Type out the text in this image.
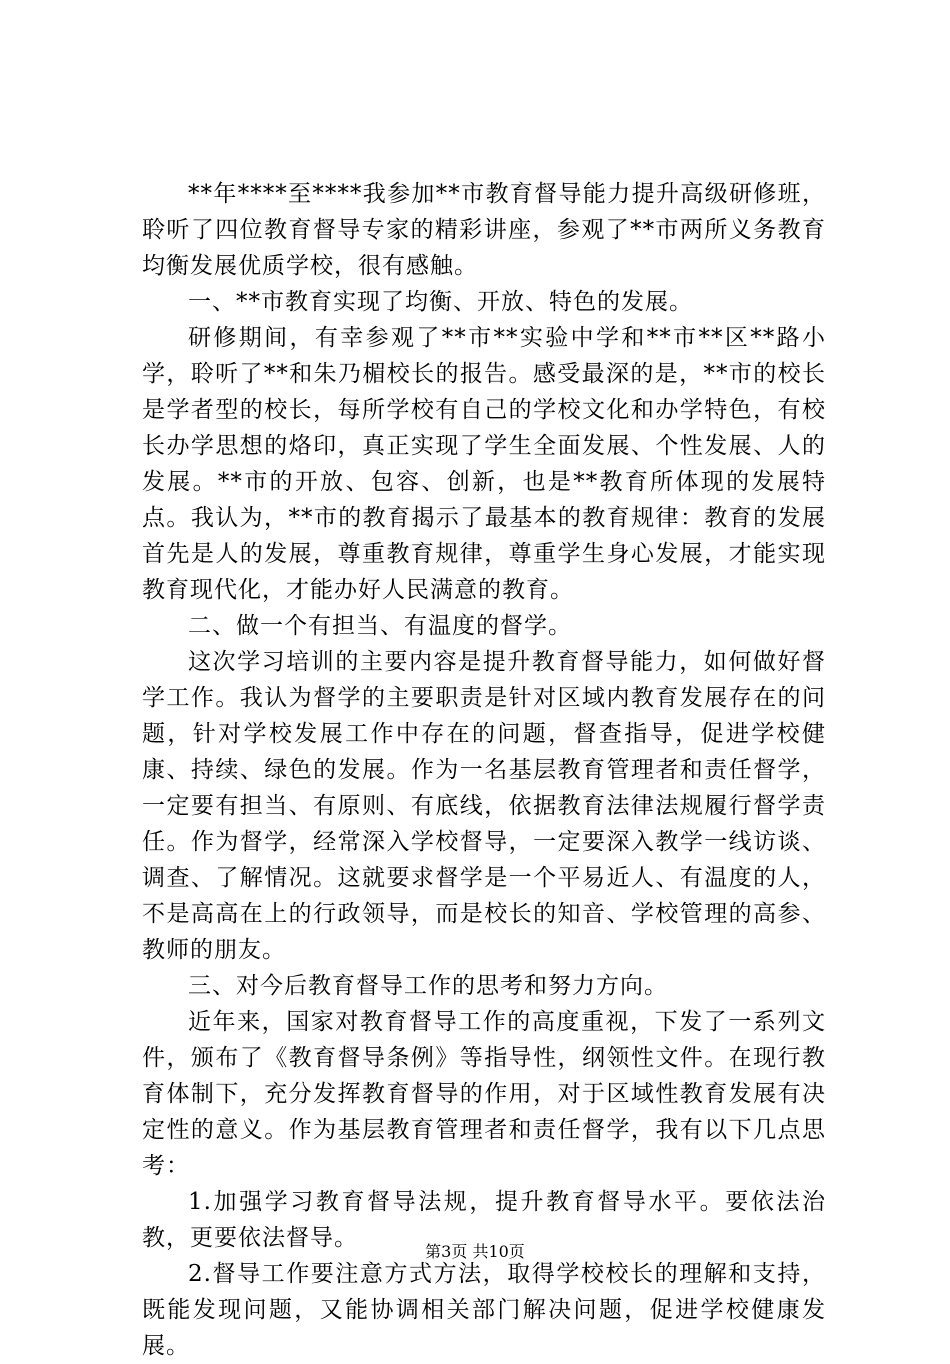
**年****至****我参加**市教育督导能力提升高级研修班，聆听了四位教育督导专家的精彩讲座，参观了**市两所义务教育均衡发展优质学校，很有感触。

一、**市教育实现了均衡、开放、特色的发展。

研修期间，有幸参观了**市**实验中学和**市**区**路小学，聆听了**和朱乃楣校长的报告。感受最深的是，**市的校长是学者型的校长，每所学校有自己的学校文化和办学特色，有校长办学思想的烙印，真正实现了学生全面发展、个性发展、人的发展。**市的开放、包容、创新，也是**教育所体现的发展特点。我认为，**市的教育揭示了最基本的教育规律：教育的发展首先是人的发展，尊重教育规律，尊重学生身心发展，才能实现教育现代化，才能办好人民满意的教育。

二、做一个有担当、有温度的督学。

这次学习培训的主要内容是提升教育督导能力，如何做好督学工作。我认为督学的主要职责是针对区域内教育发展存在的问题，针对学校发展工作中存在的问题，督查指导，促进学校健康、持续、绿色的发展。作为一名基层教育管理者和责任督学，一定要有担当、有原则、有底线，依据教育法律法规履行督学责任。作为督学，经常深入学校督导，一定要深入教学一线访谈、调查、了解情况。这就要求督学是一个平易近人、有温度的人，不是高高在上的行政领导，而是校长的知音、学校管理的高参、教师的朋友。

三、对今后教育督导工作的思考和努力方向。

近年来，国家对教育督导工作的高度重视，下发了一系列文件，颁布了《教育督导条例》等指导性，纲领性文件。在现行教育体制下，充分发挥教育督导的作用，对于区域性教育发展有决定性的意义。作为基层教育管理者和责任督学，我有以下几点思考：

1.加强学习教育督导法规，提升教育督导水平。要依法治教，更要依法督导。

2.督导工作要注意方式方法，取得学校校长的理解和支持，既能发现问题，又能协调相关部门解决问题，促进学校健康发展。

第3页 共10页
